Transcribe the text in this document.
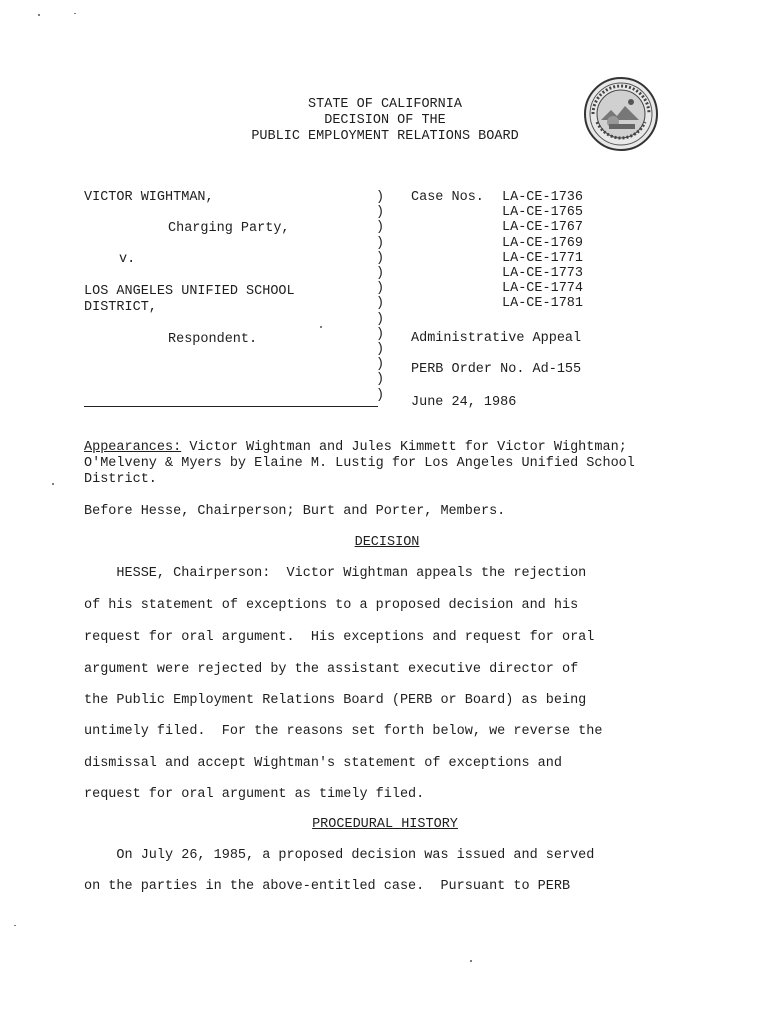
STATE OF CALIFORNIA
DECISION OF THE
PUBLIC EMPLOYMENT RELATIONS BOARD
VICTOR WIGHTMAN,
Charging Party,
v.
LOS ANGELES UNIFIED SCHOOL
DISTRICT,
Respondent.
)
)
)
)
)
)
)
)
)
)
)
)
)
)
Case Nos. LA-CE-1736
LA-CE-1765
LA-CE-1767
LA-CE-1769
LA-CE-1771
LA-CE-1773
LA-CE-1774
LA-CE-1781
Administrative Appeal
PERB Order No. Ad-155
June 24, 1986
Appearances: Victor Wightman and Jules Kimmett for Victor Wightman; O'Melveny & Myers by Elaine M. Lustig for Los Angeles Unified School District.
Before Hesse, Chairperson; Burt and Porter, Members.
DECISION
HESSE, Chairperson:  Victor Wightman appeals the rejection
of his statement of exceptions to a proposed decision and his
request for oral argument.  His exceptions and request for oral
argument were rejected by the assistant executive director of
the Public Employment Relations Board (PERB or Board) as being
untimely filed.  For the reasons set forth below, we reverse the
dismissal and accept Wightman's statement of exceptions and
request for oral argument as timely filed.
PROCEDURAL HISTORY
On July 26, 1985, a proposed decision was issued and served
on the parties in the above-entitled case.  Pursuant to PERB
